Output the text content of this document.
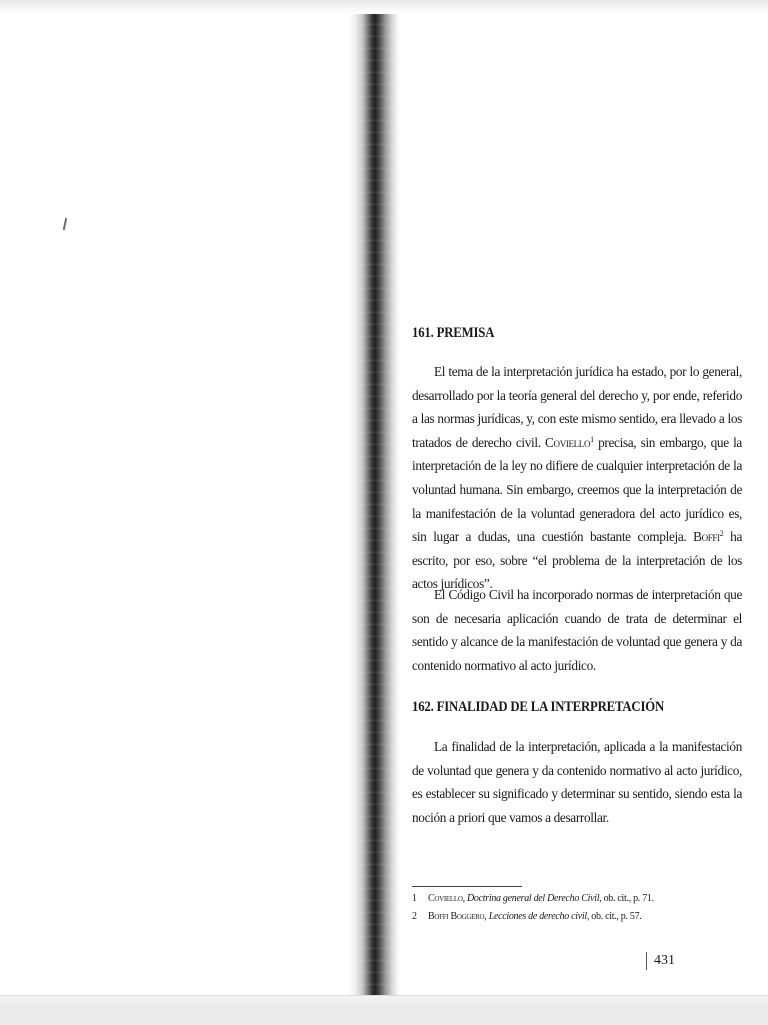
161. PREMISA

El tema de la interpretación jurídica ha estado, por lo general, desarrollado por la teoría general del derecho y, por ende, referido a las normas jurídicas, y, con este mismo sentido, era llevado a los tratados de derecho civil. Coviello$^1$ precisa, sin embargo, que la interpretación de la ley no difiere de cualquier interpretación de la voluntad humana. Sin embargo, creemos que la interpretación de la manifestación de la voluntad generadora del acto jurídico es, sin lugar a dudas, una cuestión bastante compleja. Boffi$^2$ ha escrito, por eso, sobre “el problema de la interpretación de los actos jurídicos”.

El Código Civil ha incorporado normas de interpretación que son de necesaria aplicación cuando de trata de determinar el sentido y alcance de la manifestación de voluntad que genera y da contenido normativo al acto jurídico.

162. FINALIDAD DE LA INTERPRETACIÓN

La finalidad de la interpretación, aplicada a la manifestación de voluntad que genera y da contenido normativo al acto jurídico, es establecer su significado y determinar su sentido, siendo esta la noción a priori que vamos a desarrollar.

1 Coviello, Doctrina general del Derecho Civil, ob. cit., p. 71.
2 Boffi Boggero, Lecciones de derecho civil, ob. cit., p. 57.
431
